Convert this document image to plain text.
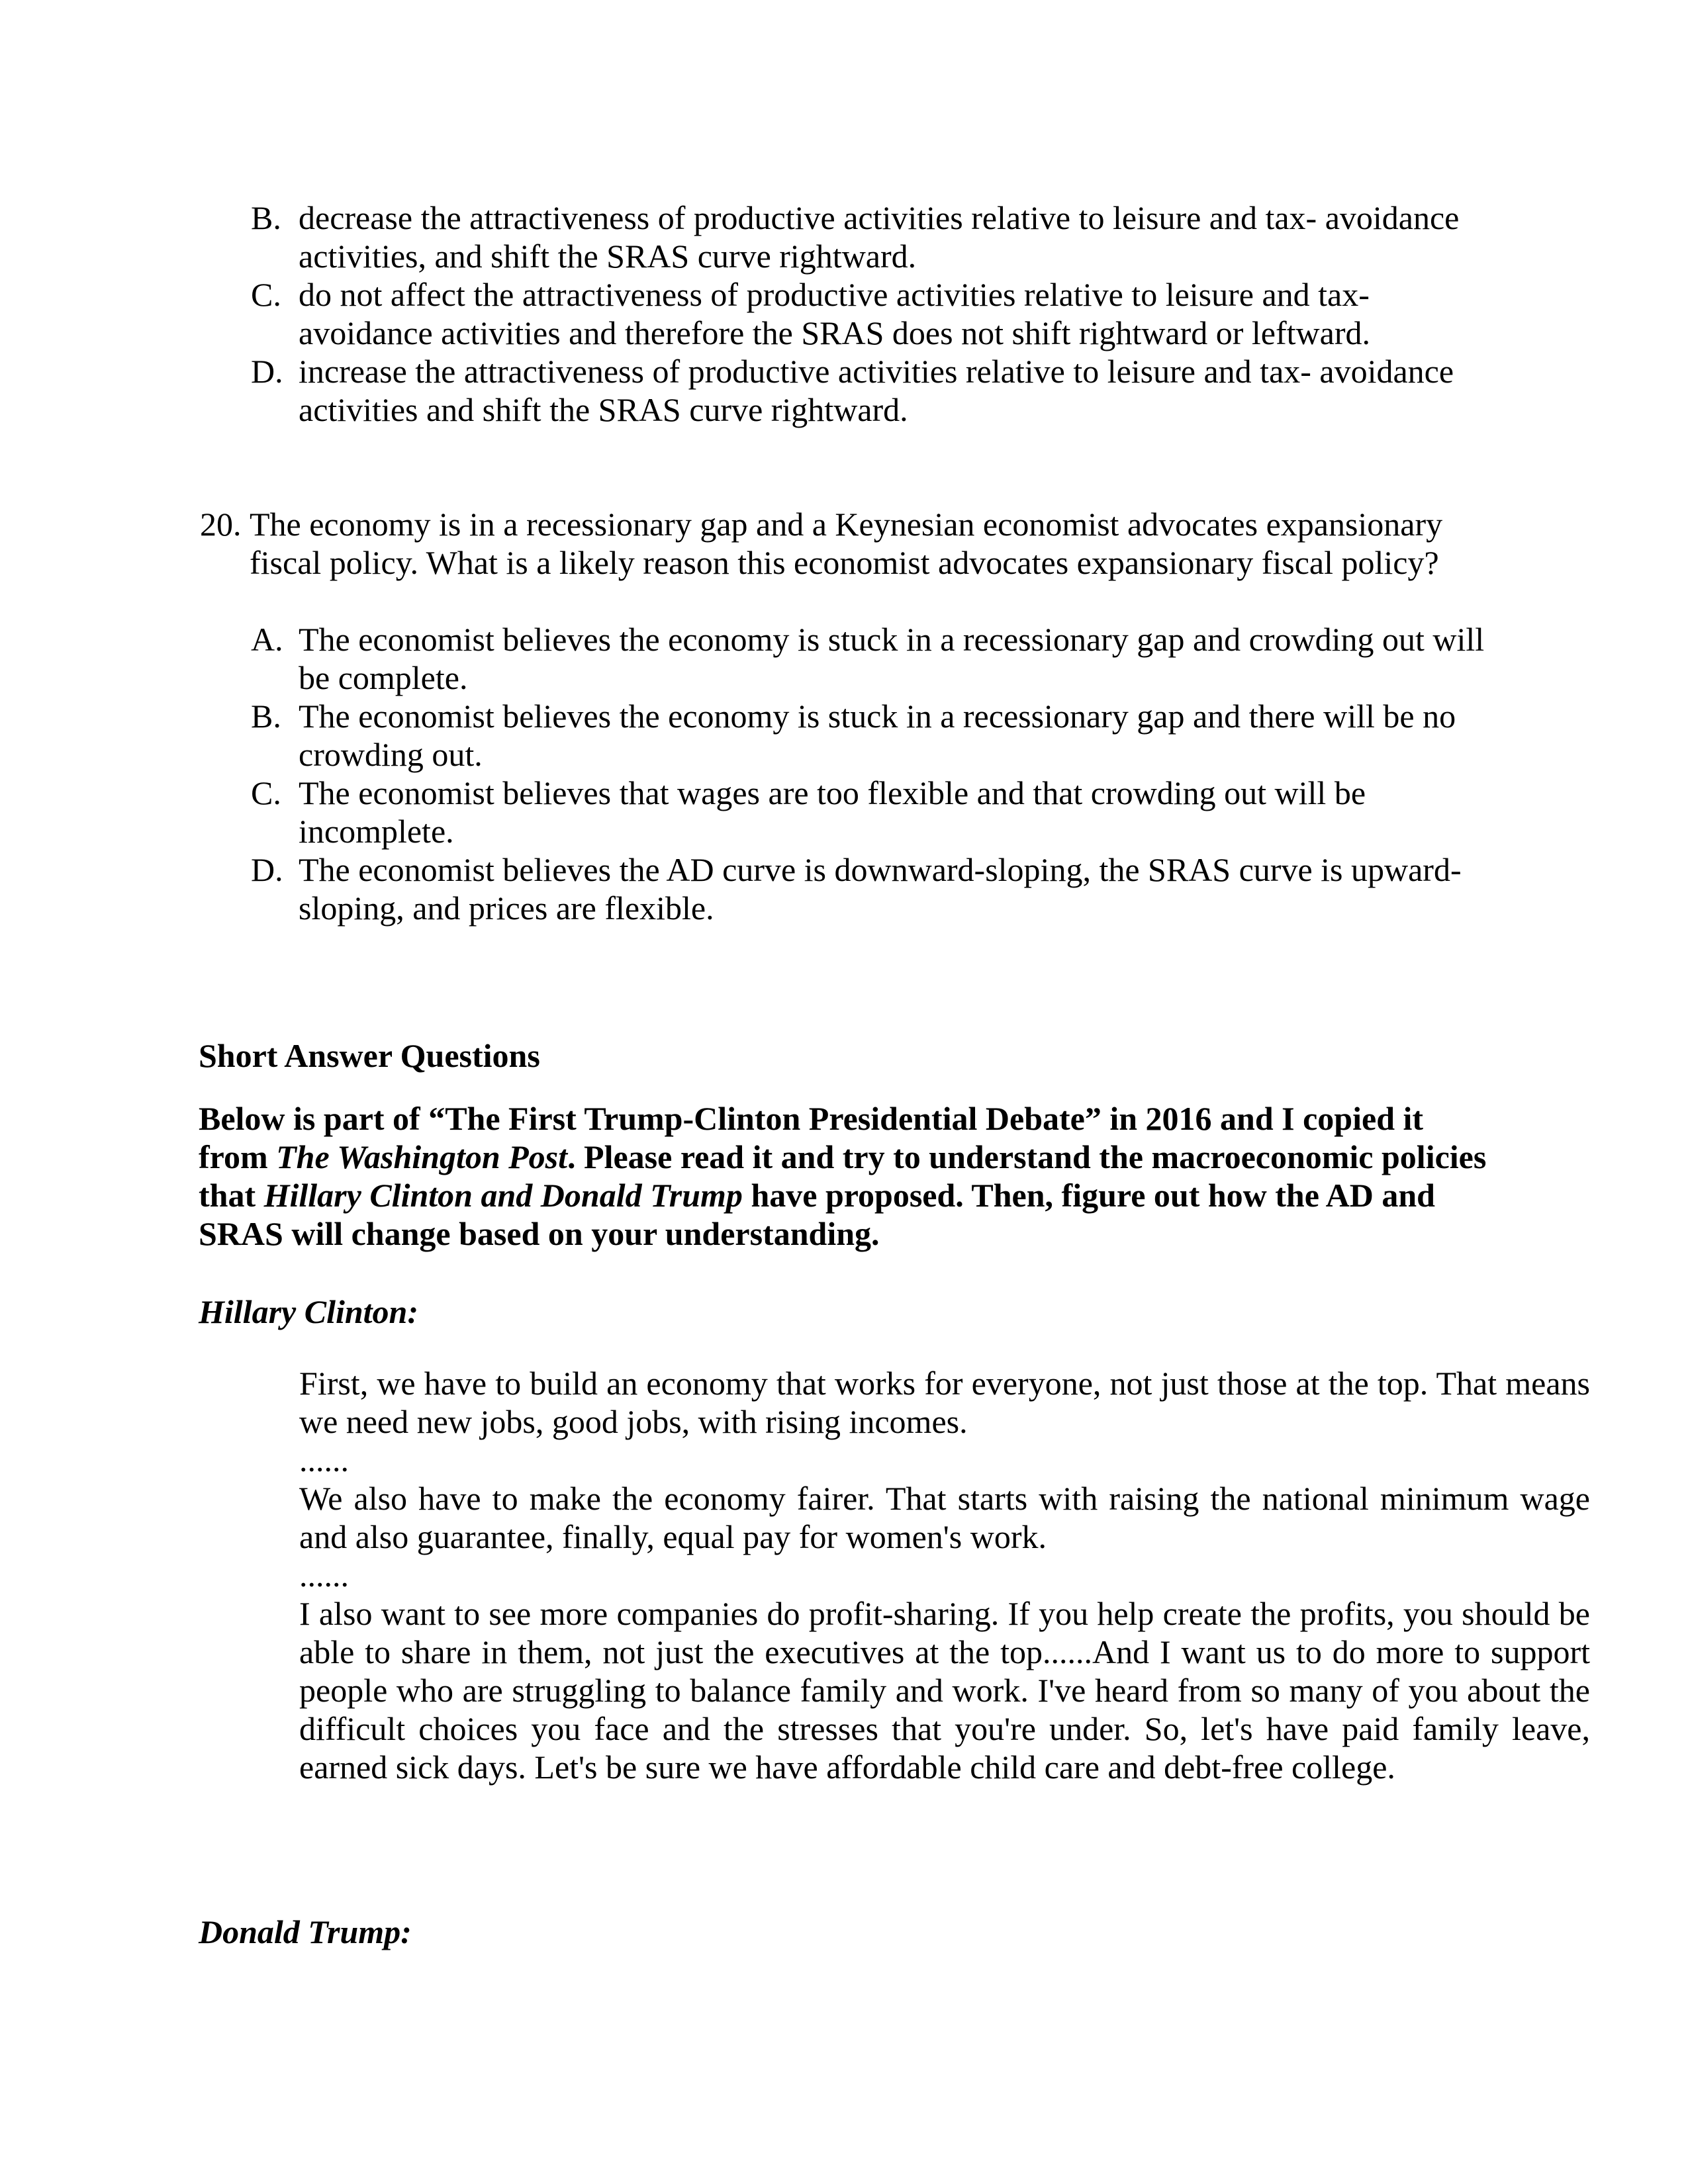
B. decrease the attractiveness of productive activities relative to leisure and tax- avoidance activities, and shift the SRAS curve rightward.
C. do not affect the attractiveness of productive activities relative to leisure and tax-avoidance activities and therefore the SRAS does not shift rightward or leftward.
D. increase the attractiveness of productive activities relative to leisure and tax- avoidance activities and shift the SRAS curve rightward.
20. The economy is in a recessionary gap and a Keynesian economist advocates expansionary fiscal policy. What is a likely reason this economist advocates expansionary fiscal policy?
A. The economist believes the economy is stuck in a recessionary gap and crowding out will be complete.
B. The economist believes the economy is stuck in a recessionary gap and there will be no crowding out.
C. The economist believes that wages are too flexible and that crowding out will be incomplete.
D. The economist believes the AD curve is downward-sloping, the SRAS curve is upward-sloping, and prices are flexible.
Short Answer Questions

Below is part of “The First Trump-Clinton Presidential Debate” in 2016 and I copied it from The Washington Post. Please read it and try to understand the macroeconomic policies that Hillary Clinton and Donald Trump have proposed. Then, figure out how the AD and SRAS will change based on your understanding.

Hillary Clinton:

First, we have to build an economy that works for everyone, not just those at the top. That means we need new jobs, good jobs, with rising incomes.

......

We also have to make the economy fairer. That starts with raising the national minimum wage and also guarantee, finally, equal pay for women's work.

......

I also want to see more companies do profit-sharing. If you help create the profits, you should be able to share in them, not just the executives at the top......And I want us to do more to support people who are struggling to balance family and work. I've heard from so many of you about the difficult choices you face and the stresses that you're under. So, let's have paid family leave, earned sick days. Let's be sure we have affordable child care and debt-free college.

Donald Trump:
